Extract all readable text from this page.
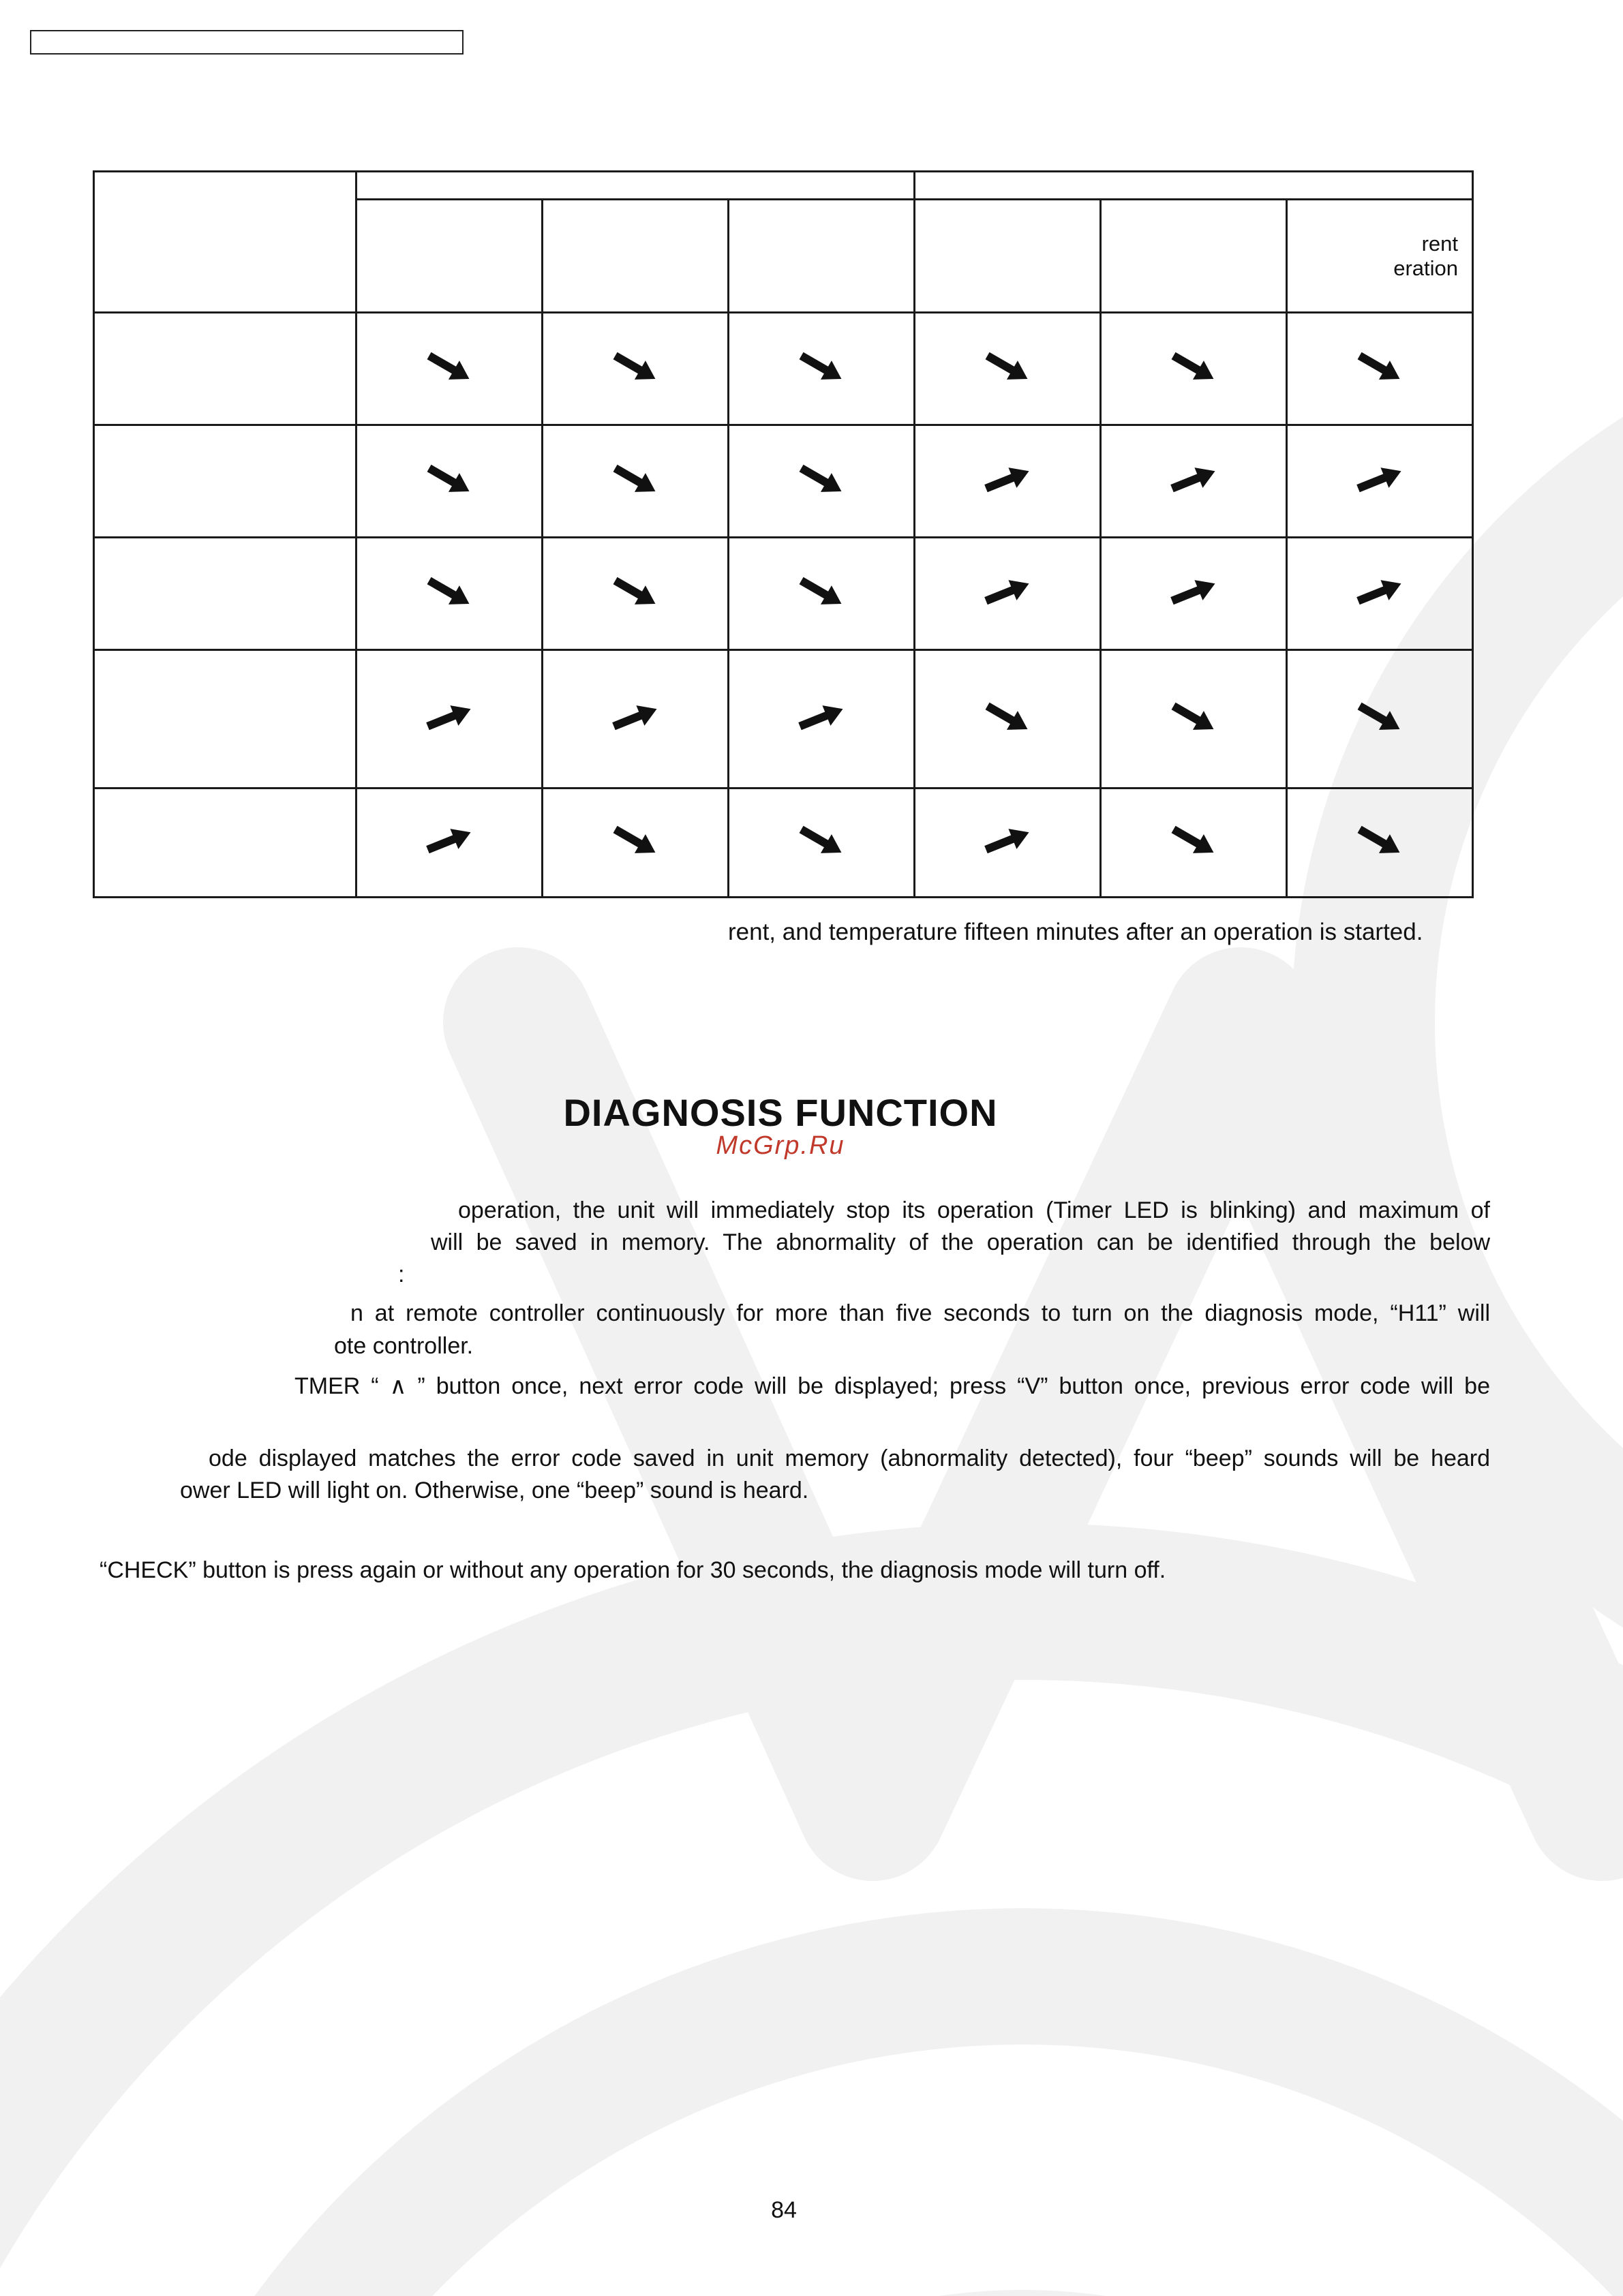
						rent
eration

rent, and temperature fifteen minutes after an operation is started.
DIAGNOSIS FUNCTION
McGrp.Ru
operation, the unit will immediately stop its operation (Timer LED is blinking) and maximum of
will be saved in memory. The abnormality of the operation can be identified through the below
:
n at remote controller continuously for more than five seconds to turn on the diagnosis mode, “H11” will
ote controller.
TMER “ ∧ ” button once, next error code will be displayed; press “V” button once, previous error code will be
ode displayed matches the error code saved in unit memory (abnormality detected), four “beep” sounds will be heard
ower LED will light on. Otherwise, one “beep” sound is heard.
“CHECK” button is press again or without any operation for 30 seconds, the diagnosis mode will turn off.
84
